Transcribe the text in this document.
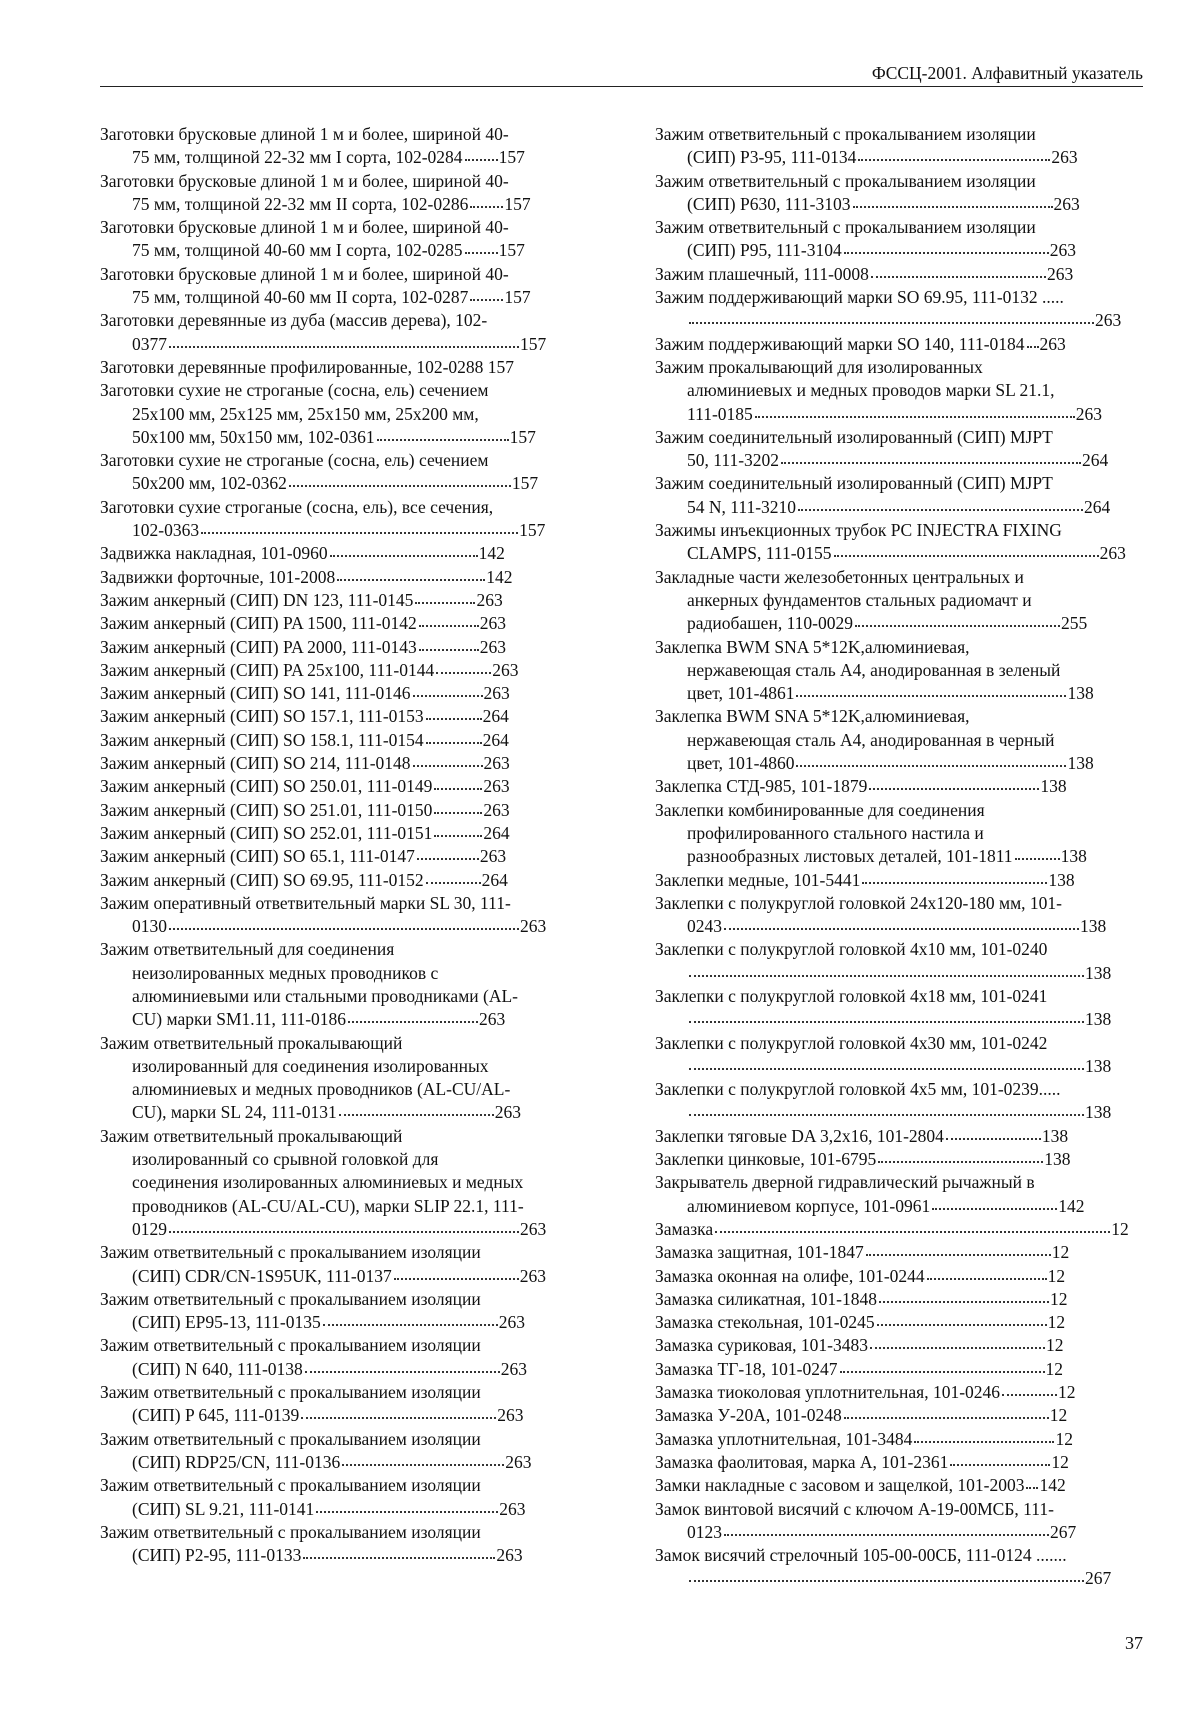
ФССЦ-2001. Алфавитный указатель
Заготовки брусковые длиной 1 м и более, шириной 40-
75 мм, толщиной 22-32 мм I сорта, 102-0284 157
Заготовки брусковые длиной 1 м и более, шириной 40-
75 мм, толщиной 22-32 мм II сорта, 102-0286 157
Заготовки брусковые длиной 1 м и более, шириной 40-
75 мм, толщиной 40-60 мм I сорта, 102-0285 157
Заготовки брусковые длиной 1 м и более, шириной 40-
75 мм, толщиной 40-60 мм II сорта, 102-0287 157
Заготовки деревянные из дуба (массив дерева), 102-
0377	157
Заготовки деревянные профилированные, 102-0288 157
Заготовки сухие не строганые (сосна, ель) сечением
25x100 мм, 25x125 мм, 25x150 мм, 25x200 мм,
50x100 мм, 50x150 мм, 102-0361	157
Заготовки сухие не строганые (сосна, ель) сечением
50x200 мм, 102-0362	157
Заготовки сухие строганые (сосна, ель), все сечения,
102-0363	157
Задвижка накладная, 101-0960	142
Задвижки форточные, 101-2008	142
Зажим анкерный (СИП) DN 123, 111-0145	263
Зажим анкерный (СИП) PA 1500, 111-0142	263
Зажим анкерный (СИП) PA 2000, 111-0143	263
Зажим анкерный (СИП) PA 25x100, 111-0144	263
Зажим анкерный (СИП) SO 141, 111-0146	263
Зажим анкерный (СИП) SO 157.1, 111-0153	264
Зажим анкерный (СИП) SO 158.1, 111-0154	264
Зажим анкерный (СИП) SO 214, 111-0148	263
Зажим анкерный (СИП) SO 250.01, 111-0149	263
Зажим анкерный (СИП) SO 251.01, 111-0150	263
Зажим анкерный (СИП) SO 252.01, 111-0151	264
Зажим анкерный (СИП) SO 65.1, 111-0147	263
Зажим анкерный (СИП) SO 69.95, 111-0152	264
Зажим оперативный ответвительный марки SL 30, 111-
0130	263
Зажим ответвительный для соединения
неизолированных медных проводников с
алюминиевыми или стальными проводниками (AL-
CU) марки SM1.11, 111-0186	263
Зажим ответвительный прокалывающий
изолированный для соединения изолированных
алюминиевых и медных проводников (AL-CU/AL-
CU), марки SL 24, 111-0131	263
Зажим ответвительный прокалывающий
изолированный со срывной головкой для
соединения изолированных алюминиевых и медных
проводников (AL-CU/AL-CU), марки SLIP 22.1, 111-
0129	263
Зажим ответвительный с прокалыванием изоляции
(СИП) CDR/CN-1S95UK, 111-0137	263
Зажим ответвительный с прокалыванием изоляции
(СИП) EP95-13, 111-0135	263
Зажим ответвительный с прокалыванием изоляции
(СИП) N 640, 111-0138	263
Зажим ответвительный с прокалыванием изоляции
(СИП) P 645, 111-0139	263
Зажим ответвительный с прокалыванием изоляции
(СИП) RDP25/CN, 111-0136	263
Зажим ответвительный с прокалыванием изоляции
(СИП) SL 9.21, 111-0141	263
Зажим ответвительный с прокалыванием изоляции
(СИП) P2-95, 111-0133	263
Зажим ответвительный с прокалыванием изоляции
(СИП) P3-95, 111-0134	263
Зажим ответвительный с прокалыванием изоляции
(СИП) P630, 111-3103	263
Зажим ответвительный с прокалыванием изоляции
(СИП) P95, 111-3104	263
Зажим плашечный, 111-0008	263
Зажим поддерживающий марки SO 69.95, 111-0132 .....
263
Зажим поддерживающий марки SO 140, 111-0184 263
Зажим прокалывающий для изолированных
алюминиевых и медных проводов марки SL 21.1,
111-0185	263
Зажим соединительный изолированный (СИП) MJPT
50, 111-3202	264
Зажим соединительный изолированный (СИП) MJPT
54 N, 111-3210	264
Зажимы инъекционных трубок PC INJECTRA FIXING
CLAMPS, 111-0155	263
Закладные части железобетонных центральных и
анкерных фундаментов стальных радиомачт и
радиобашен, 110-0029	255
Заклепка BWM SNA 5*12K,алюминиевая,
нержавеющая сталь А4, анодированная в зеленый
цвет, 101-4861	138
Заклепка BWM SNA 5*12K,алюминиевая,
нержавеющая сталь А4, анодированная в черный
цвет, 101-4860	138
Заклепка СТД-985, 101-1879	138
Заклепки комбинированные для соединения
профилированного стального настила и
разнообразных листовых деталей, 101-1811	138
Заклепки медные, 101-5441	138
Заклепки с полукруглой головкой 24x120-180 мм, 101-
0243	138
Заклепки с полукруглой головкой 4x10 мм, 101-0240
138
Заклепки с полукруглой головкой 4x18 мм, 101-0241
138
Заклепки с полукруглой головкой 4x30 мм, 101-0242
138
Заклепки с полукруглой головкой 4x5 мм, 101-0239.....
138
Заклепки тяговые DA 3,2x16, 101-2804	138
Заклепки цинковые, 101-6795	138
Закрыватель дверной гидравлический рычажный в
алюминиевом корпусе, 101-0961	142
Замазка	12
Замазка защитная, 101-1847	12
Замазка оконная на олифе, 101-0244	12
Замазка силикатная, 101-1848	12
Замазка стекольная, 101-0245	12
Замазка суриковая, 101-3483	12
Замазка ТГ-18, 101-0247	12
Замазка тиоколовая уплотнительная, 101-0246	12
Замазка У-20А, 101-0248	12
Замазка уплотнительная, 101-3484	12
Замазка фаолитовая, марка А, 101-2361	12
Замки накладные с засовом и защелкой, 101-2003 142
Замок винтовой висячий с ключом А-19-00МСБ, 111-
0123	267
Замок висячий стрелочный 105-00-00СБ, 111-0124 .......
267
37
